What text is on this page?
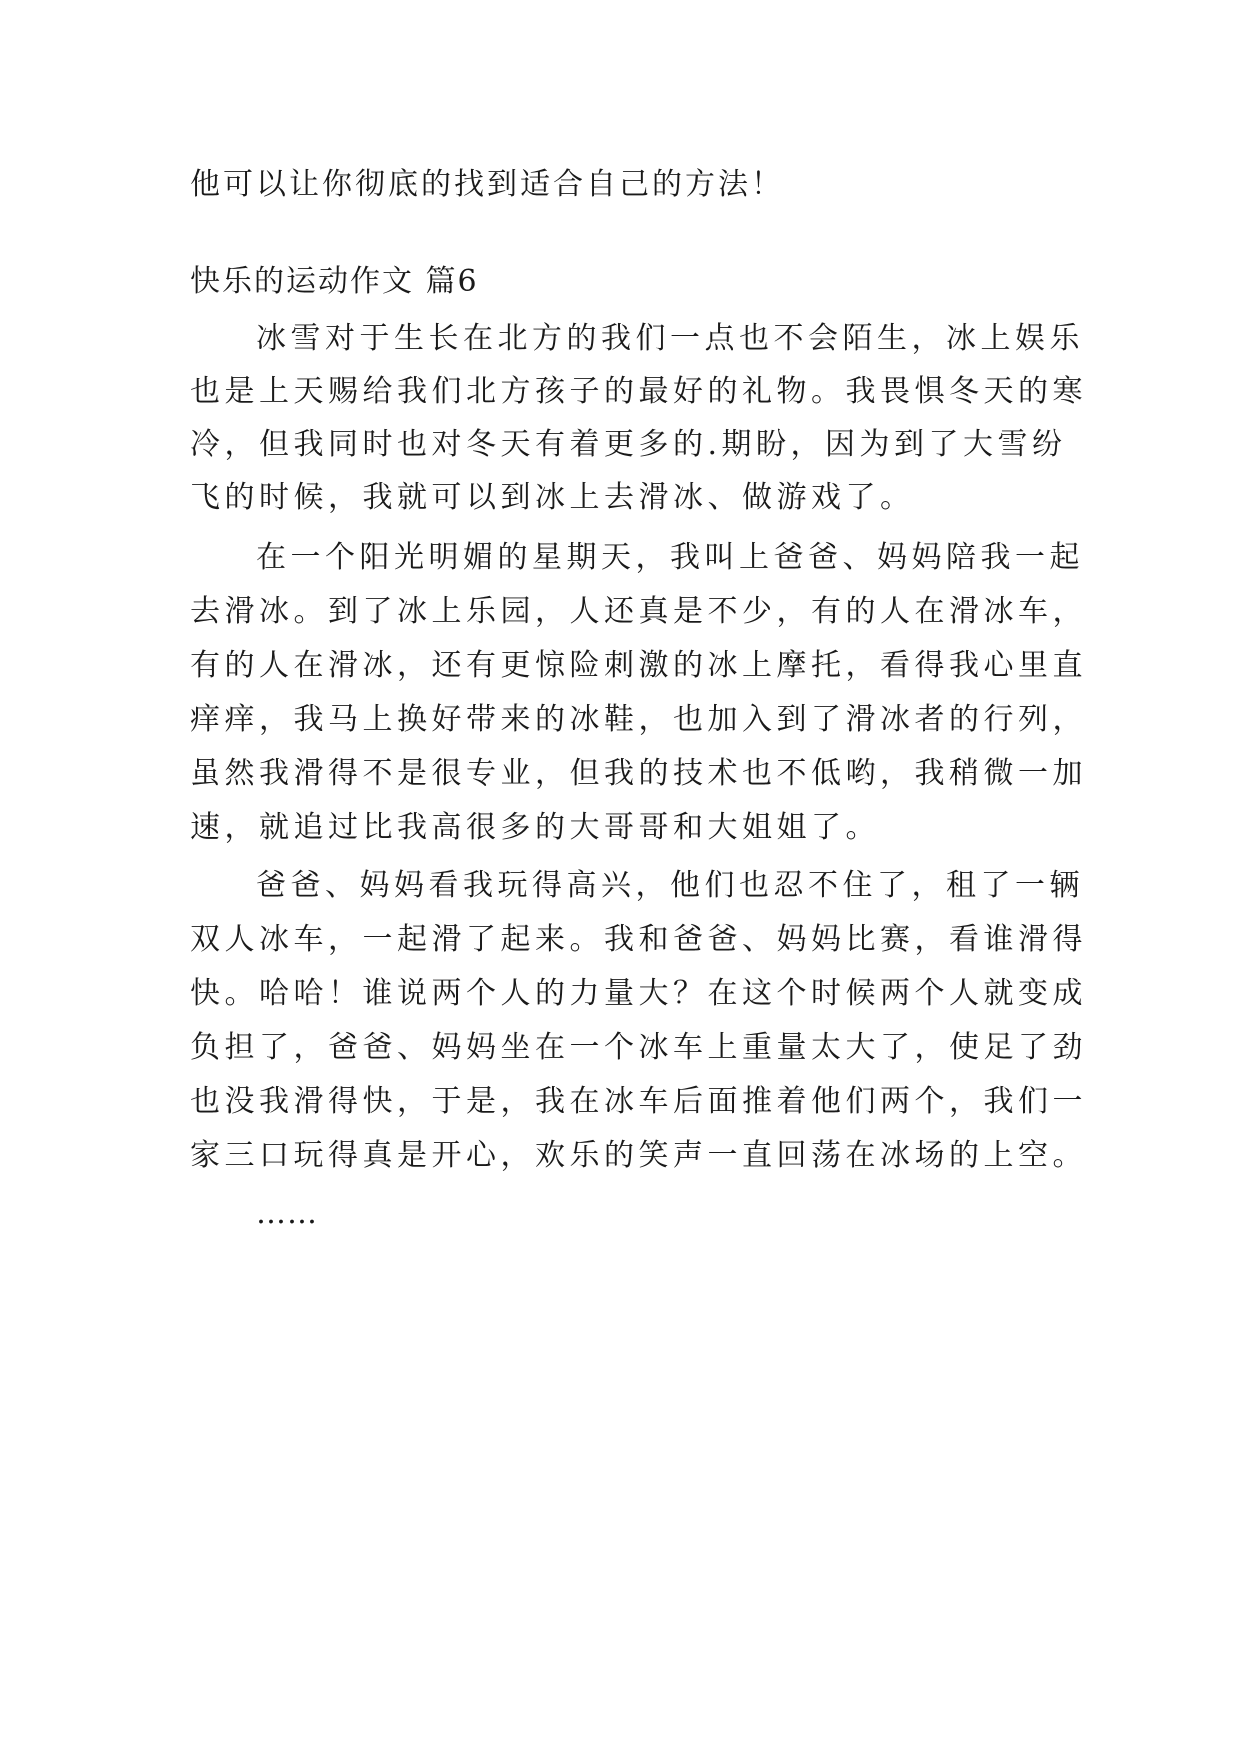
他可以让你彻底的找到适合自己的方法！
快乐的运动作文 篇6
冰雪对于生长在北方的我们一点也不会陌生，冰上娱乐
也是上天赐给我们北方孩子的最好的礼物。我畏惧冬天的寒
冷，但我同时也对冬天有着更多的.期盼，因为到了大雪纷
飞的时候，我就可以到冰上去滑冰、做游戏了。
在一个阳光明媚的星期天，我叫上爸爸、妈妈陪我一起
去滑冰。到了冰上乐园，人还真是不少，有的人在滑冰车，
有的人在滑冰，还有更惊险刺激的冰上摩托，看得我心里直
痒痒，我马上换好带来的冰鞋，也加入到了滑冰者的行列，
虽然我滑得不是很专业，但我的技术也不低哟，我稍微一加
速，就追过比我高很多的大哥哥和大姐姐了。
爸爸、妈妈看我玩得高兴，他们也忍不住了，租了一辆
双人冰车，一起滑了起来。我和爸爸、妈妈比赛，看谁滑得
快。哈哈！谁说两个人的力量大？在这个时候两个人就变成
负担了，爸爸、妈妈坐在一个冰车上重量太大了，使足了劲
也没我滑得快，于是，我在冰车后面推着他们两个，我们一
家三口玩得真是开心，欢乐的笑声一直回荡在冰场的上空。
……
